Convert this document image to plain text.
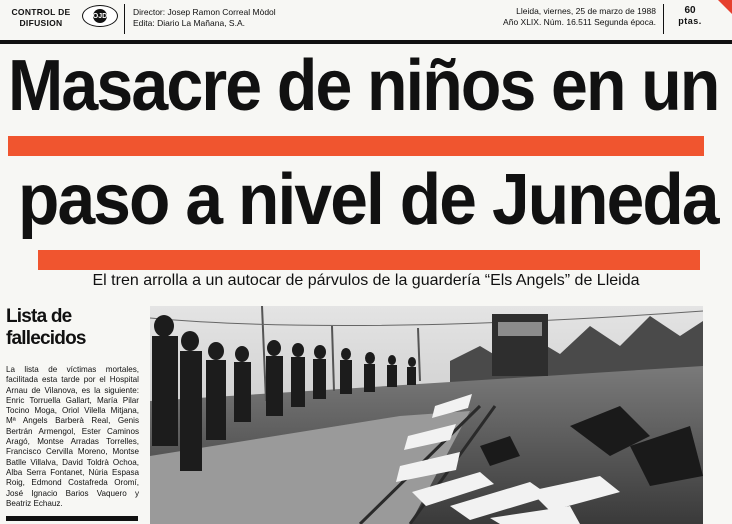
CONTROL DE DIFUSION
OJD	Director: Josep Ramon Correal Mòdol
Edita: Diario La Mañana, S.A.
Lleida, viernes, 25 de marzo de 1988
Año XLIX. Núm. 16.511 Segunda época.
60
ptas.
Masacre de niños en un
paso a nivel de Juneda
El tren arrolla a un autocar de párvulos de la guardería “Els Angels” de Lleida
Lista de
fallecidos
La lista de víctimas mortales, facilitada esta tarde por el Hospital Arnau de Vilanova, es la siguiente: Enric Torruella Gallart, María Pilar Tocino Moga, Oriol Vilella Mitjana, Mª Angels Barberà Real, Genis Bertrán Armengol, Ester Caminos Aragó, Montse Arradas Torrelles, Francisco Cervilla Moreno, Montse Batlle Villalva, David Toldrà Ochoa, Alba Serra Fontanet, Núria Espasa Roig, Edmond Costafreda Oromí, José Ignacio Barios Vaquero y Beatriz Echauz.
